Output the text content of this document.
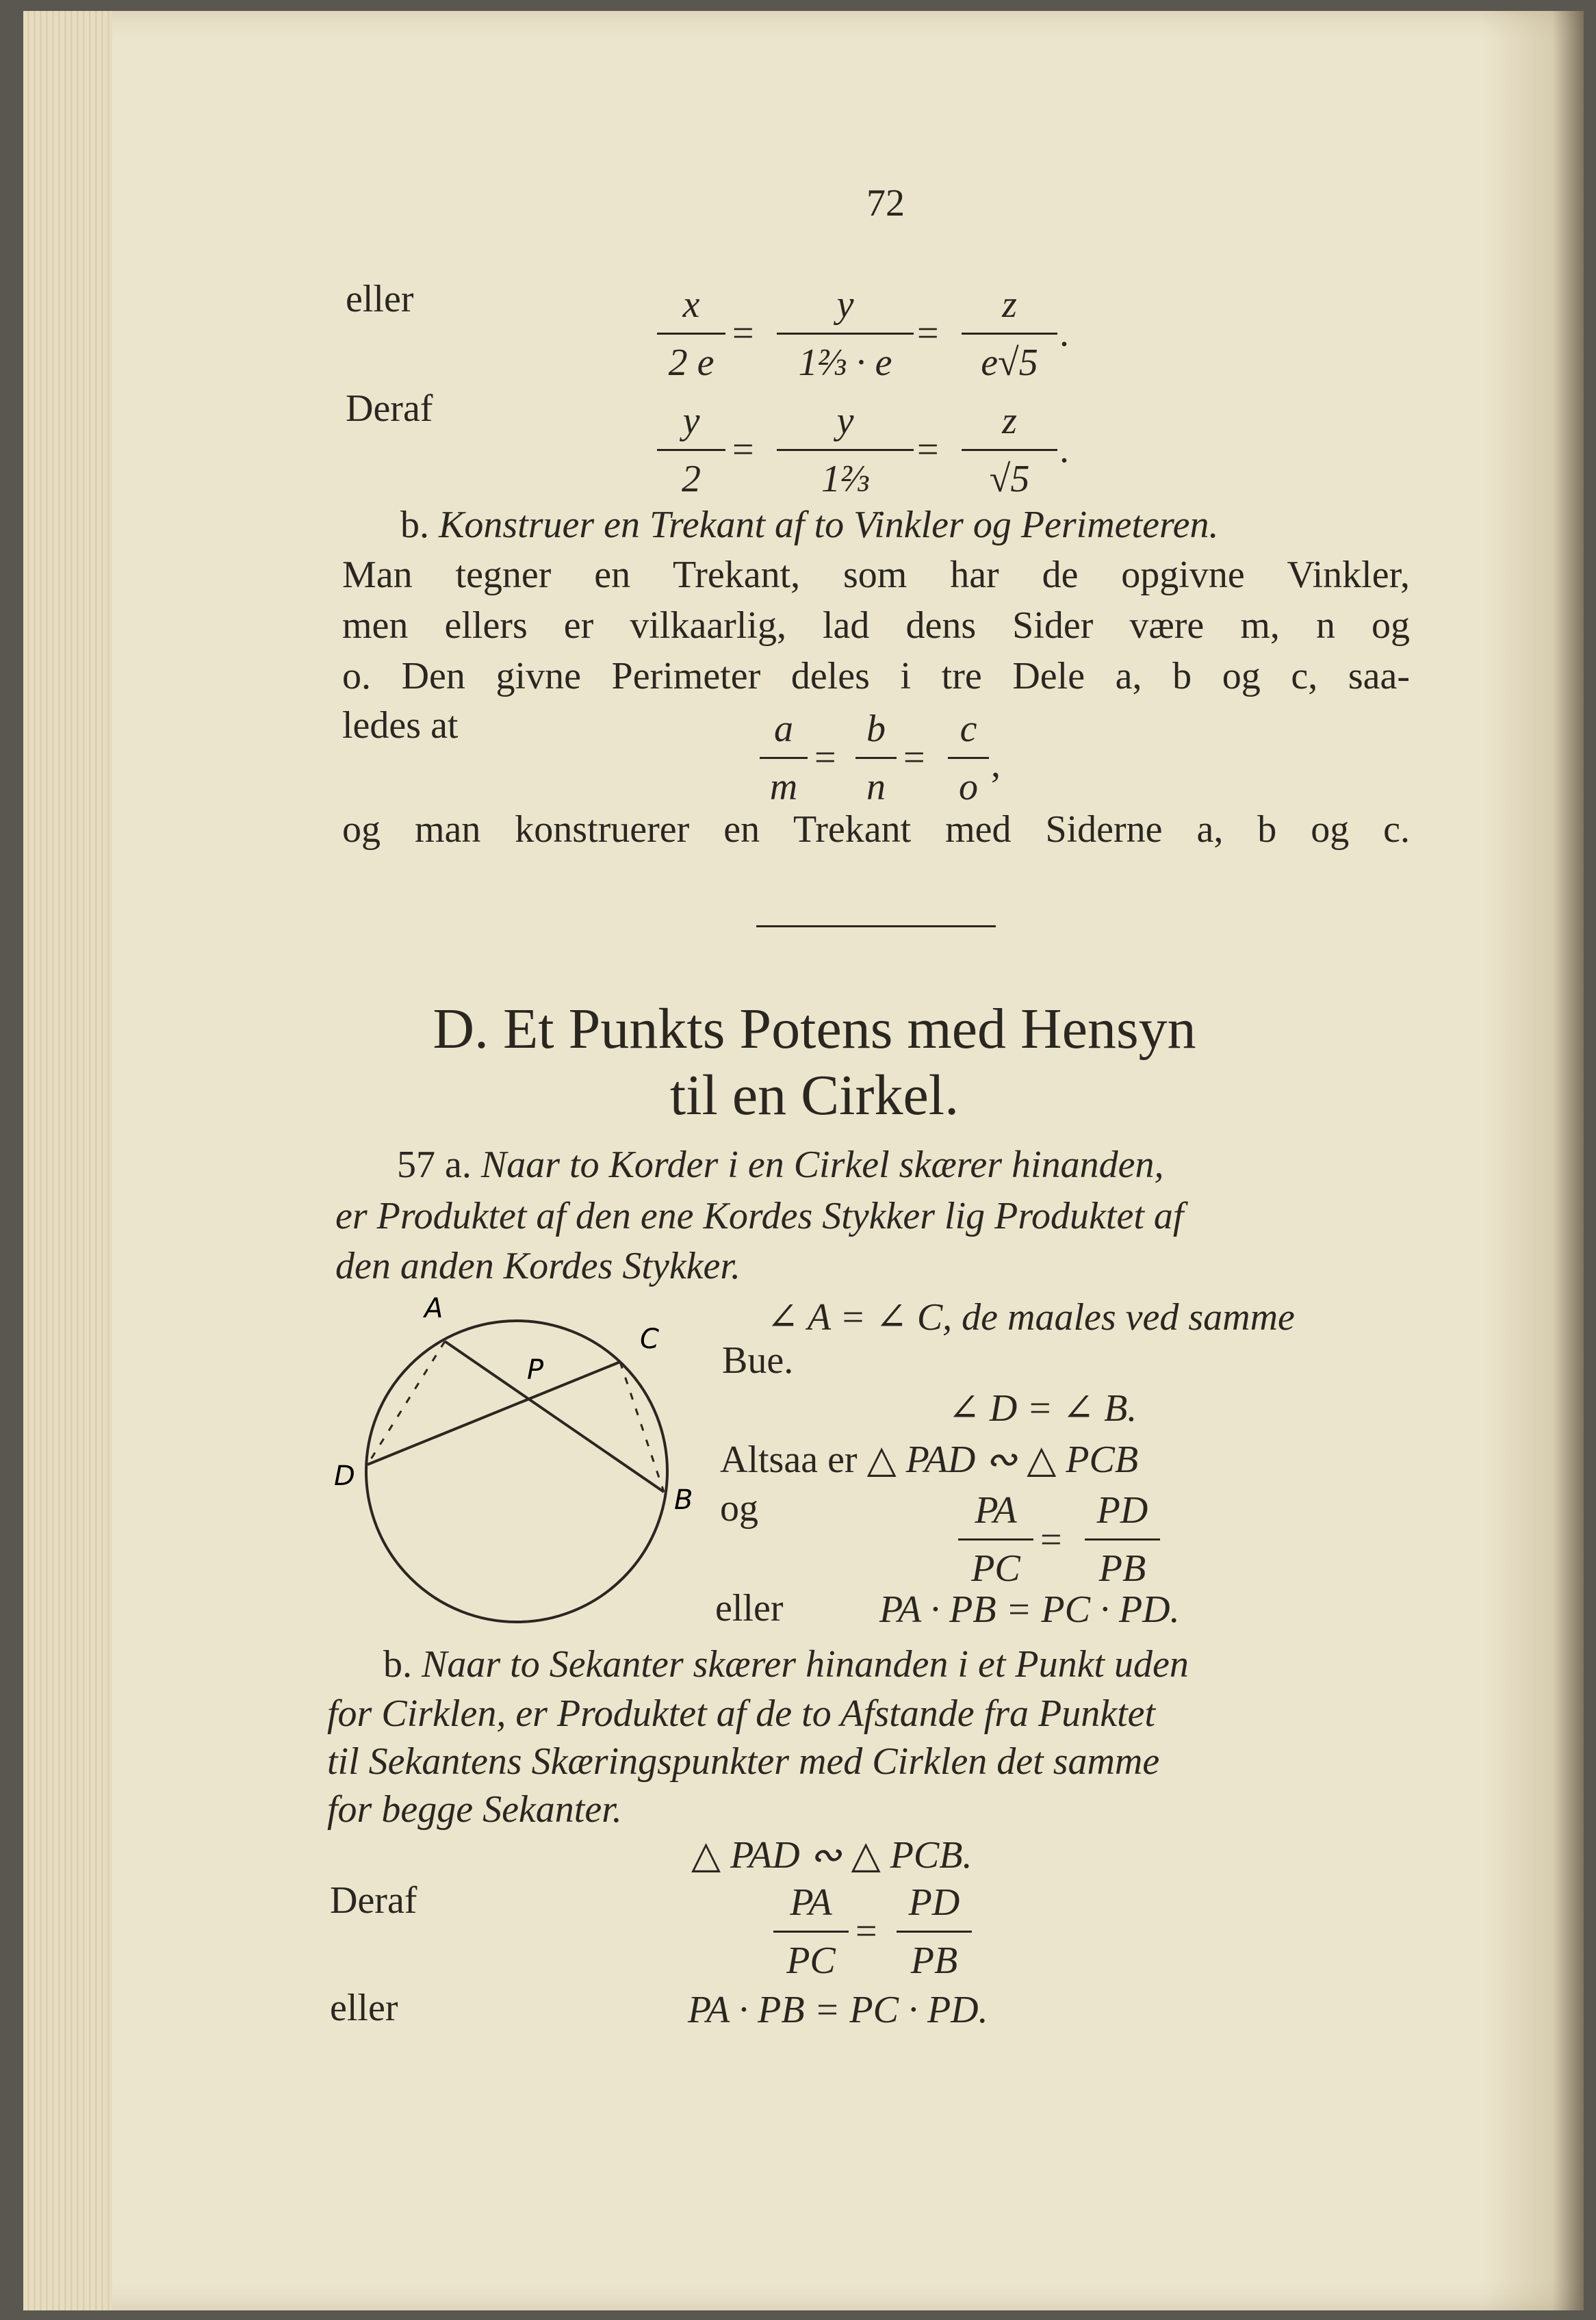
72
eller	x
2 e
=
y
1⅔ · e
=
z
e√5
.
Deraf	y
2
=
y
1⅔
=
z
√5
.
b. Konstruer en Trekant af to Vinkler og Perimeteren.
Man tegner en Trekant, som har de opgivne Vinkler,
men ellers er vilkaarlig, lad dens Sider være m, n og
o. Den givne Perimeter deles i tre Dele a, b og c, saa-
ledes at	a
m
=
b
n
=
c
o
,
og man konstruerer en Trekant med Siderne a, b og c.
D. Et Punkts Potens med Hensyn
til en Cirkel.
57 a. Naar to Korder i en Cirkel skærer hinanden,
er Produktet af den ene Kordes Stykker lig Produktet af
den anden Kordes Stykker.
A
C
P
D
B
∠ A = ∠ C, de maales ved samme
Bue.
∠ D = ∠ B.
Altsaa er △ PAD ∾ △ PCB
og	PA
PC
=
PD
PB
eller	PA · PB = PC · PD.
b. Naar to Sekanter skærer hinanden i et Punkt uden
for Cirklen, er Produktet af de to Afstande fra Punktet
til Sekantens Skæringspunkter med Cirklen det samme
for begge Sekanter.
△ PAD ∾ △ PCB.
Deraf	PA
PC
=
PD
PB
eller	PA · PB = PC · PD.
